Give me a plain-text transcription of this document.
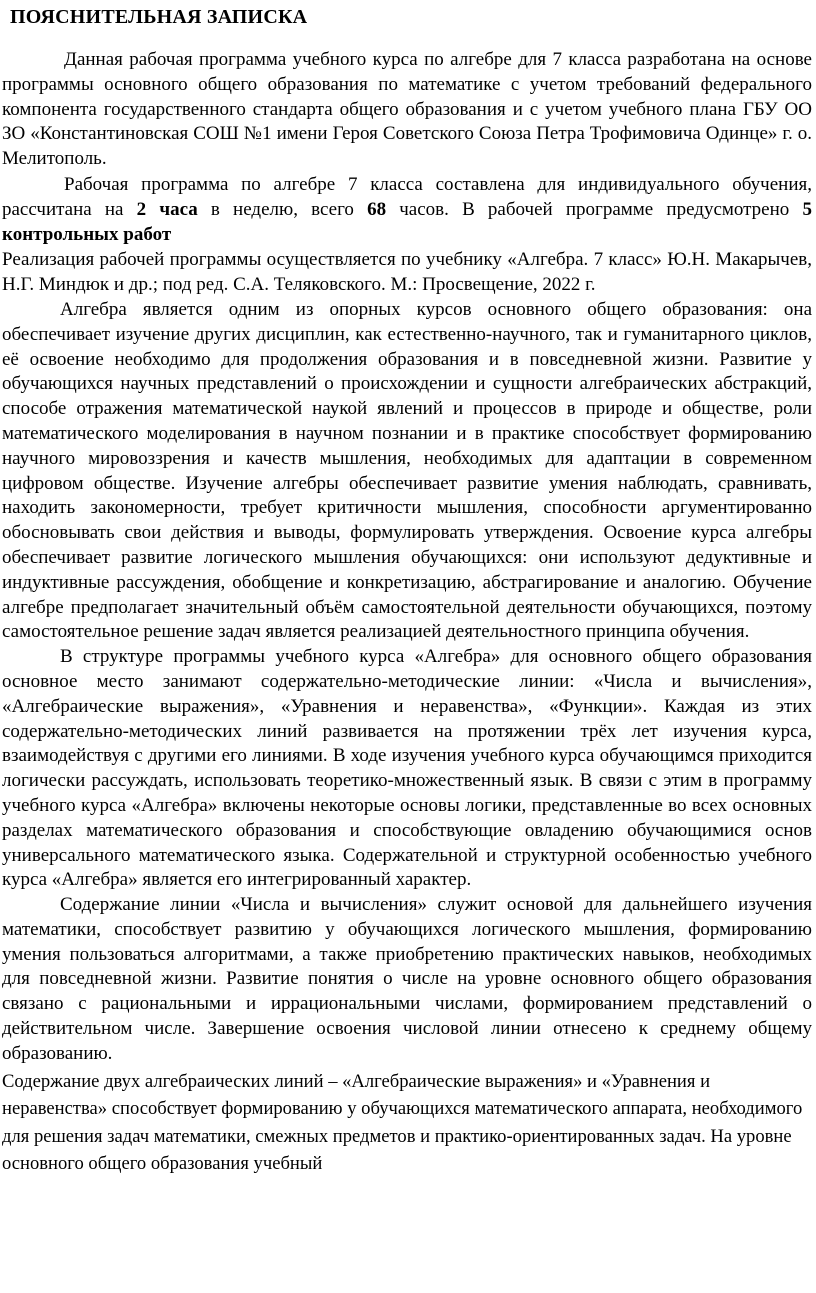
ПОЯСНИТЕЛЬНАЯ ЗАПИСКА

Данная рабочая программа учебного курса по алгебре для 7 класса разработана на основе программы основного общего образования по математике с учетом требований федерального компонента государственного стандарта общего образования и с учетом учебного плана ГБУ ОО ЗО «Константиновская СОШ №1 имени Героя Советского Союза Петра Трофимовича Одинце» г. о. Мелитополь.

Рабочая программа по алгебре 7 класса составлена для индивидуального обучения, рассчитана на 2 часа в неделю, всего 68 часов. В рабочей программе предусмотрено 5 контрольных работ

Реализация рабочей программы осуществляется по учебнику «Алгебра. 7 класс» Ю.Н. Макарычев, Н.Г. Миндюк и др.; под ред. С.А. Теляковского. М.: Просвещение, 2022 г.

Алгебра является одним из опорных курсов основного общего образования: она обеспечивает изучение других дисциплин, как естественно-научного, так и гуманитарного циклов, её освоение необходимо для продолжения образования и в повседневной жизни. Развитие у обучающихся научных представлений о происхождении и сущности алгебраических абстракций, способе отражения математической наукой явлений и процессов в природе и обществе, роли математического моделирования в научном познании и в практике способствует формированию научного мировоззрения и качеств мышления, необходимых для адаптации в современном цифровом обществе. Изучение алгебры обеспечивает развитие умения наблюдать, сравнивать, находить закономерности, требует критичности мышления, способности аргументированно обосновывать свои действия и выводы, формулировать утверждения. Освоение курса алгебры обеспечивает развитие логического мышления обучающихся: они используют дедуктивные и индуктивные рассуждения, обобщение и конкретизацию, абстрагирование и аналогию. Обучение алгебре предполагает значительный объём самостоятельной деятельности обучающихся, поэтому самостоятельное решение задач является реализацией деятельностного принципа обучения.

В структуре программы учебного курса «Алгебра» для основного общего образования основное место занимают содержательно-методические линии: «Числа и вычисления», «Алгебраические выражения», «Уравнения и неравенства», «Функции». Каждая из этих содержательно-методических линий развивается на протяжении трёх лет изучения курса, взаимодействуя с другими его линиями. В ходе изучения учебного курса обучающимся приходится логически рассуждать, использовать теоретико-множественный язык. В связи с этим в программу учебного курса «Алгебра» включены некоторые основы логики, представленные во всех основных разделах математического образования и способствующие овладению обучающимися основ универсального математического языка. Содержательной и структурной особенностью учебного курса «Алгебра» является его интегрированный характер.

Содержание линии «Числа и вычисления» служит основой для дальнейшего изучения математики, способствует развитию у обучающихся логического мышления, формированию умения пользоваться алгоритмами, а также приобретению практических навыков, необходимых для повседневной жизни. Развитие понятия о числе на уровне основного общего образования связано с рациональными и иррациональными числами, формированием представлений о действительном числе. Завершение освоения числовой линии отнесено к среднему общему образованию.

Содержание двух алгебраических линий – «Алгебраические выражения» и «Уравнения и неравенства» способствует формированию у обучающихся математического аппарата, необходимого для решения задач математики, смежных предметов и практико-ориентированных задач. На уровне основного общего образования учебный
